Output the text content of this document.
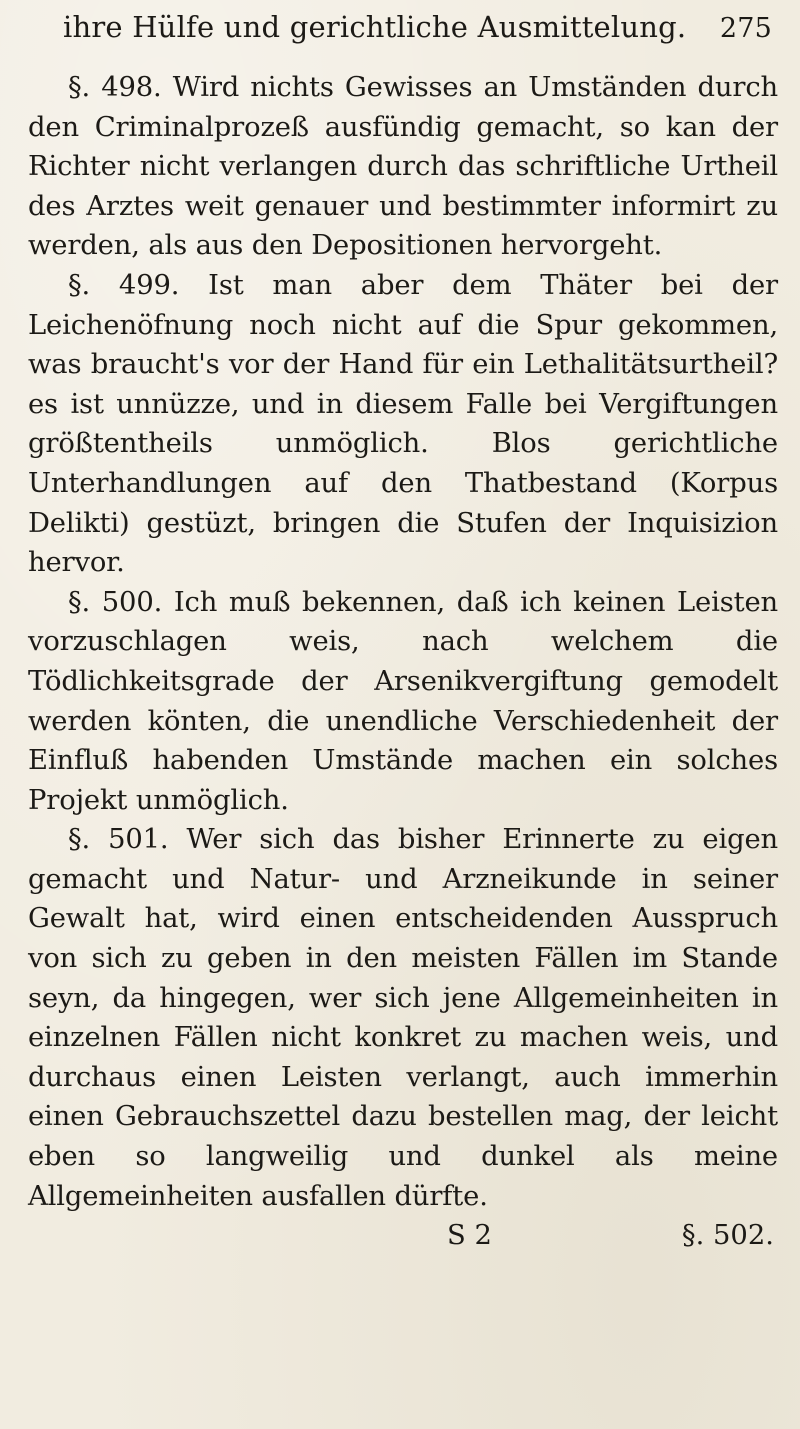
ihre Hülfe und gerichtliche Ausmittelung. 275

§. 498. Wird nichts Gewisses an Umständen durch den Criminalprozeß ausfündig gemacht, so kan der Richter nicht verlangen durch das schriftliche Urtheil des Arztes weit genauer und bestimmter informirt zu werden, als aus den Depositionen hervorgeht.

§. 499. Ist man aber dem Thäter bei der Leichenöfnung noch nicht auf die Spur gekommen, was braucht's vor der Hand für ein Lethalitätsurtheil? es ist unnüzze, und in diesem Falle bei Vergiftungen größtentheils unmöglich. Blos gerichtliche Unterhandlungen auf den Thatbestand (Korpus Delikti) gestüzt, bringen die Stufen der Inquisizion hervor.

§. 500. Ich muß bekennen, daß ich keinen Leisten vorzuschlagen weis, nach welchem die Tödlichkeitsgrade der Arsenikvergiftung gemodelt werden könten, die unendliche Verschiedenheit der Einfluß habenden Umstände machen ein solches Projekt unmöglich.

§. 501. Wer sich das bisher Erinnerte zu eigen gemacht und Natur- und Arzneikunde in seiner Gewalt hat, wird einen entscheidenden Ausspruch von sich zu geben in den meisten Fällen im Stande seyn, da hingegen, wer sich jene Allgemeinheiten in einzelnen Fällen nicht konkret zu machen weis, und durchaus einen Leisten verlangt, auch immerhin einen Gebrauchszettel dazu bestellen mag, der leicht eben so langweilig und dunkel als meine Allgemeinheiten ausfallen dürfte.

S 2	§. 502.
